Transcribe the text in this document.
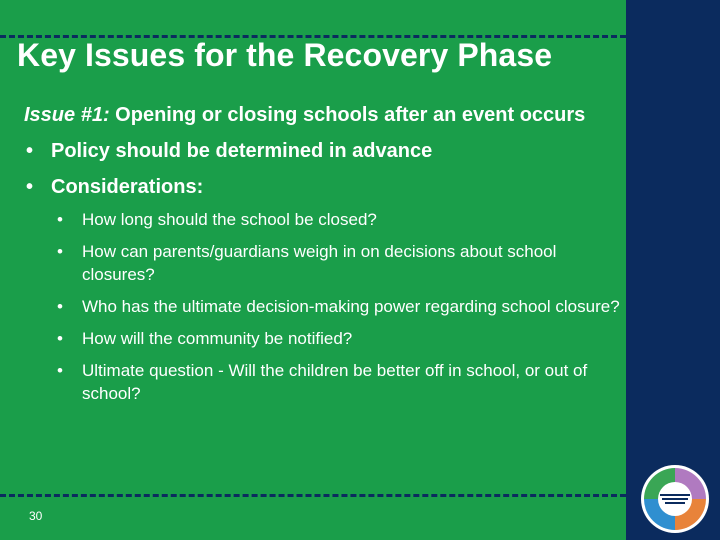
Key Issues for the Recovery Phase
Issue #1: Opening or closing schools after an event occurs
• Policy should be determined in advance
• Considerations:
• How long should the school be closed?
• How can parents/guardians weigh in on decisions about school closures?
• Who has the ultimate decision-making power regarding school closure?
• How will the community be notified?
• Ultimate question - Will the children be better off in school, or out of school?
30
